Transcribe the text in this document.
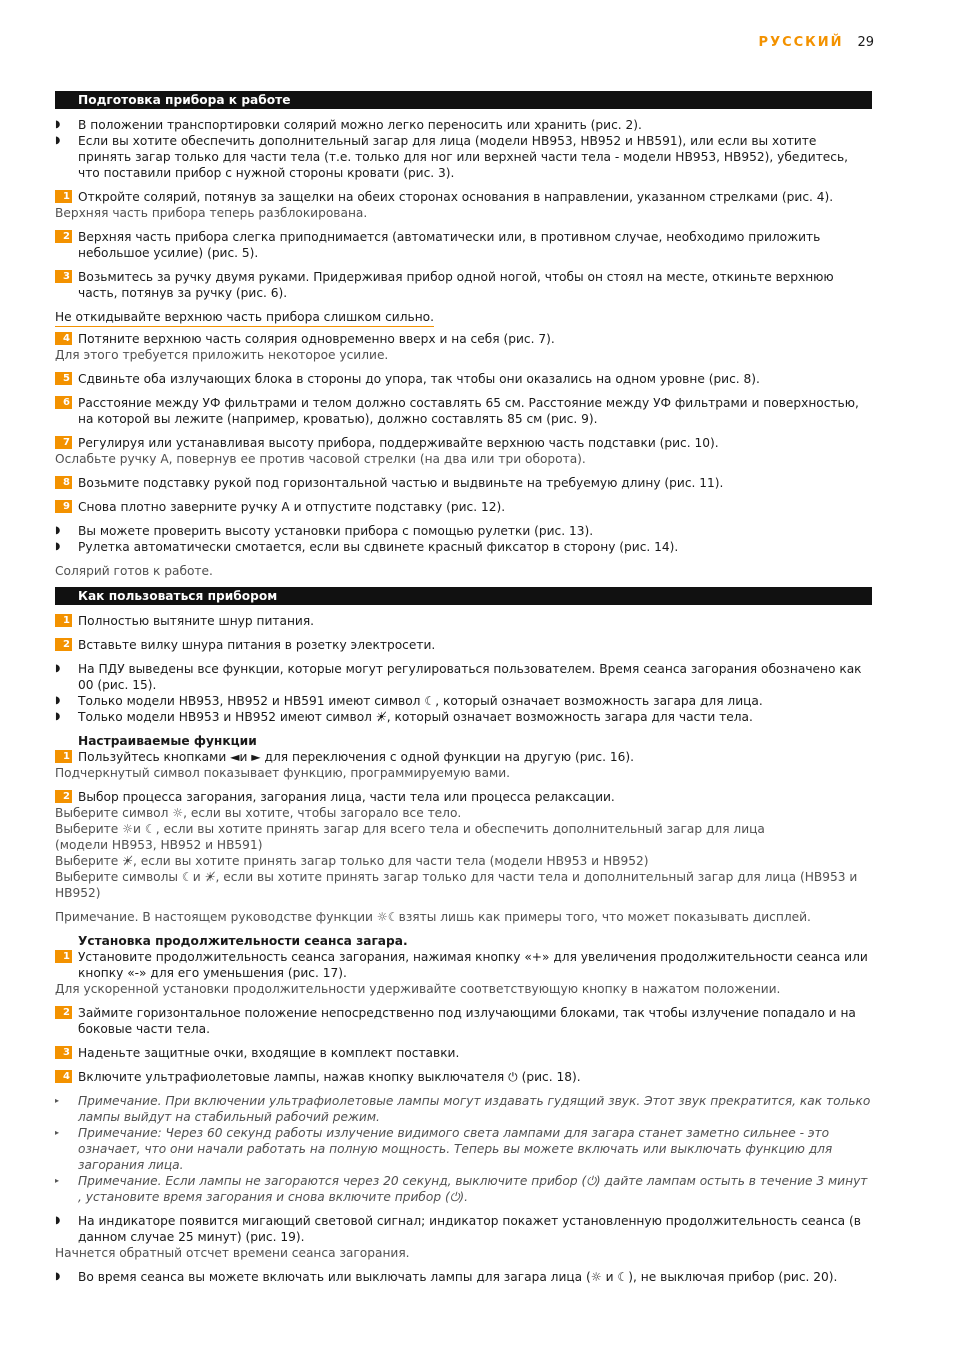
РУССКИЙ 29
Подготовка прибора к работе
◗	В положении транспортировки солярий можно легко переносить или хранить (рис. 2).
◗	Если вы хотите обеспечить дополнительный загар для лица (модели HB953, HB952 и HB591), или если вы хотите принять загар только для части тела (т.е. только для ног или верхней части тела - модели HB953, HB952), убедитесь, что поставили прибор с нужной стороны кровати (рис. 3).
1 Откройте солярий, потянув за защелки на обеих сторонах основания в направлении, указанном стрелками (рис. 4).
Верхняя часть прибора теперь разблокирована.
2 Верхняя часть прибора слегка приподнимается (автоматически или, в противном случае, необходимо приложить небольшое усилие) (рис. 5).
3 Возьмитесь за ручку двумя руками. Придерживая прибор одной ногой, чтобы он стоял на месте, откиньте верхнюю часть, потянув за ручку (рис. 6).
Не откидывайте верхнюю часть прибора слишком сильно.
4 Потяните верхнюю часть солярия одновременно вверх и на себя (рис. 7).
Для этого требуется приложить некоторое усилие.
5 Сдвиньте оба излучающих блока в стороны до упора, так чтобы они оказались на одном уровне (рис. 8).
6 Расстояние между УФ фильтрами и телом должно составлять 65 см. Расстояние между УФ фильтрами и поверхностью, на которой вы лежите (например, кроватью), должно составлять 85 см (рис. 9).
7 Регулируя или устанавливая высоту прибора, поддерживайте верхнюю часть подставки (рис. 10).
Ослабьте ручку А, повернув ее против часовой стрелки (на два или три оборота).
8 Возьмите подставку рукой под горизонтальной частью и выдвиньте на требуемую длину (рис. 11).
9 Снова плотно заверните ручку А и отпустите подставку (рис. 12).
◗	Вы можете проверить высоту установки прибора с помощью рулетки (рис. 13).
◗	Рулетка автоматически смотается, если вы сдвинете красный фиксатор в сторону (рис. 14).
Солярий готов к работе.
Как пользоваться прибором
1 Полностью вытяните шнур питания.
2 Вставьте вилку шнура питания в розетку электросети.
◗	На ПДУ выведены все функции, которые могут регулироваться пользователем. Время сеанса загорания обозначено как 00 (рис. 15).
◗	Только модели HB953, HB952 и HB591 имеют символ ☾, который означает возможность загара для лица.
◗	Только модели HB953 и HB952 имеют символ ☀̸, который означает возможность загара для части тела.
Настраиваемые функции
1 Пользуйтесь кнопками ◄и ► для переключения с одной функции на другую (рис. 16).
Подчеркнутый символ показывает функцию, программируемую вами.
2 Выбор процесса загорания, загорания лица, части тела или процесса релаксации.
Выберите символ ☼, если вы хотите, чтобы загорало все тело.
Выберите ☼и ☾, если вы хотите принять загар для всего тела и обеспечить дополнительный загар для лица
(модели HB953, HB952 и HB591)
Выберите ☀̸, если вы хотите принять загар только для части тела (модели HB953 и HB952)
Выберите символы ☾и ☀̸, если вы хотите принять загар только для части тела и дополнительный загар для лица (HB953 и HB952)
Примечание. В настоящем руководстве функции ☼☾взяты лишь как примеры того, что может показывать дисплей.
Установка продолжительности сеанса загара.
1 Установите продолжительность сеанса загорания, нажимая кнопку «+» для увеличения продолжительности сеанса или кнопку «-» для его уменьшения (рис. 17).
Для ускоренной установки продолжительности удерживайте соответствующую кнопку в нажатом положении.
2 Займите горизонтальное положение непосредственно под излучающими блоками, так чтобы излучение попадало и на боковые части тела.
3 Наденьте защитные очки, входящие в комплект поставки.
4 Включите ультрафиолетовые лампы, нажав кнопку выключателя ⏻ (рис. 18).
▸	Примечание. При включении ультрафиолетовые лампы могут издавать гудящий звук. Этот звук прекратится, как только лампы выйдут на стабильный рабочий режим.
▸	Примечание: Через 60 секунд работы излучение видимого света лампами для загара станет заметно сильнее - это означает, что они начали работать на полную мощность. Теперь вы можете включать или выключать функцию для загорания лица.
▸	Примечание. Если лампы не загораются через 20 секунд, выключите прибор (⏻) дайте лампам остыть в течение 3 минут , установите время загорания и снова включите прибор (⏻).
◗	На индикаторе появится мигающий световой сигнал; индикатор покажет установленную продолжительность сеанса (в данном случае 25 минут) (рис. 19).
Начнется обратный отсчет времени сеанса загорания.
◗	Во время сеанса вы можете включать или выключать лампы для загара лица (☼ и ☾), не выключая прибор (рис. 20).
